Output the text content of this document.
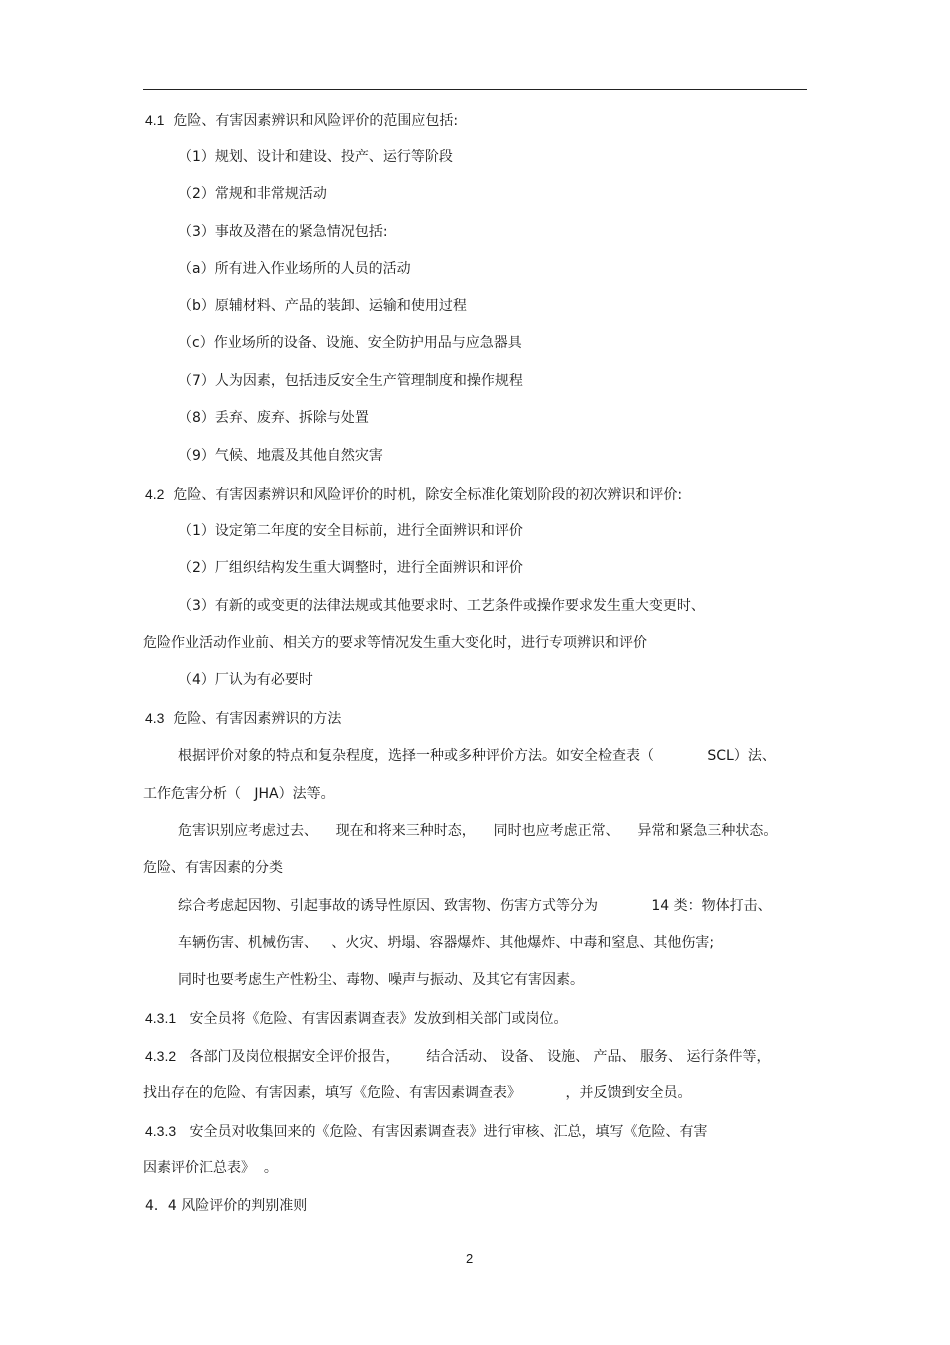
4.1  危险、有害因素辨识和风险评价的范围应包括:
（1）规划、设计和建设、投产、运行等阶段
（2）常规和非常规活动
（3）事故及潜在的紧急情况包括:
（a）所有进入作业场所的人员的活动
（b）原辅材料、产品的装卸、运输和使用过程
（c）作业场所的设备、设施、安全防护用品与应急器具
（7）人为因素，包括违反安全生产管理制度和操作规程
（8）丢弃、废弃、拆除与处置
（9）气候、地震及其他自然灾害
4.2  危险、有害因素辨识和风险评价的时机，除安全标准化策划阶段的初次辨识和评价:
（1）设定第二年度的安全目标前，进行全面辨识和评价
（2）厂组织结构发生重大调整时，进行全面辨识和评价
（3）有新的或变更的法律法规或其他要求时、工艺条件或操作要求发生重大变更时、
危险作业活动作业前、相关方的要求等情况发生重大变化时，进行专项辨识和评价
（4）厂认为有必要时
4.3  危险、有害因素辨识的方法
根据评价对象的特点和复杂程度，选择一种或多种评价方法。如安全检查表（            SCL）法、
工作危害分析（   JHA）法等。
危害识别应考虑过去、    现在和将来三种时态，    同时也应考虑正常、    异常和紧急三种状态。
危险、有害因素的分类
综合考虑起因物、引起事故的诱导性原因、致害物、伤害方式等分为            14 类：物体打击、
车辆伤害、机械伤害、   、火灾、坍塌、容器爆炸、其他爆炸、中毒和窒息、其他伤害;
同时也要考虑生产性粉尘、毒物、噪声与振动、及其它有害因素。
4.3.1   安全员将《危险、有害因素调查表》发放到相关部门或岗位。
4.3.2   各部门及岗位根据安全评价报告，      结合活动、 设备、 设施、 产品、 服务、 运行条件等，
找出存在的危险、有害因素，填写《危险、有害因素调查表》          ，并反馈到安全员。
4.3.3   安全员对收集回来的《危险、有害因素调查表》进行审核、汇总，填写《危险、有害
因素评价汇总表》  。
4．4 风险评价的判别准则
2
